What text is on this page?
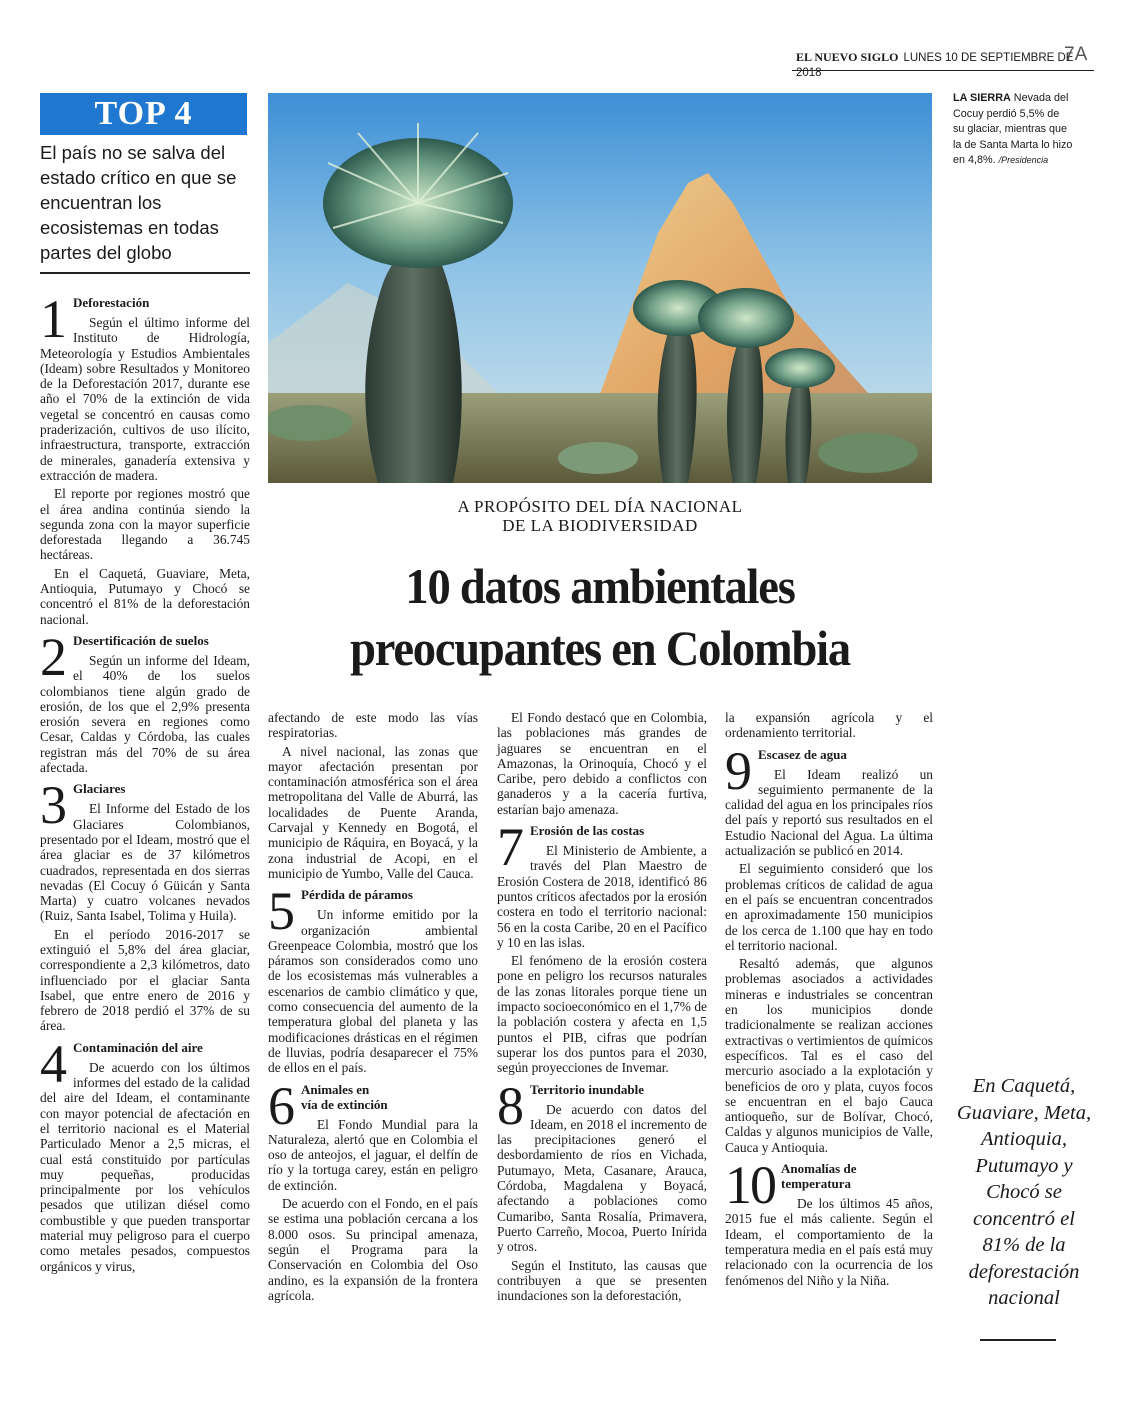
EL NUEVO SIGLO LUNES 10 DE SEPTIEMBRE DE 2018
7A
TOP 4
El país no se salva del estado crítico en que se encuentran los ecosistemas en todas partes del globo
LA SIERRA Nevada del Cocuy perdió 5,5% de su glaciar, mientras que la de Santa Marta lo hizo en 4,8%. /Presidencia
A PROPÓSITO DEL DÍA NACIONAL
DE LA BIODIVERSIDAD
10 datos ambientales
preocupantes en Colombia
1 Deforestación

Según el último informe del Instituto de Hidrología, Meteorología y Estudios Ambientales (Ideam) sobre Resultados y Monitoreo de la Deforestación 2017, durante ese año el 70% de la extinción de vida vegetal se concentró en causas como praderización, cultivos de uso ilícito, infraestructura, transporte, extracción de minerales, ganadería extensiva y extracción de madera.

El reporte por regiones mostró que el área andina continúa siendo la segunda zona con la mayor superficie deforestada llegando a 36.745 hectáreas.

En el Caquetá, Guaviare, Meta, Antioquia, Putumayo y Chocó se concentró el 81% de la deforestación nacional.

2 Desertificación de suelos

Según un informe del Ideam, el 40% de los suelos colombianos tiene algún grado de erosión, de los que el 2,9% presenta erosión severa en regiones como Cesar, Caldas y Córdoba, las cuales registran más del 70% de su área afectada.

3 Glaciares

El Informe del Estado de los Glaciares Colombianos, presentado por el Ideam, mostró que el área glaciar es de 37 kilómetros cuadrados, representada en dos sierras nevadas (El Cocuy ó Güicán y Santa Marta) y cuatro volcanes nevados (Ruiz, Santa Isabel, Tolima y Huila).

En el período 2016-2017 se extinguió el 5,8% del área glaciar, correspondiente a 2,3 kilómetros, dato influenciado por el glaciar Santa Isabel, que entre enero de 2016 y febrero de 2018 perdió el 37% de su área.

4 Contaminación del aire

De acuerdo con los últimos informes del estado de la calidad del aire del Ideam, el contaminante con mayor potencial de afectación en el territorio nacional es el Material Particulado Menor a 2,5 micras, el cual está constituido por partículas muy pequeñas, producidas principalmente por los vehículos pesados que utilizan diésel como combustible y que pueden transportar material muy peligroso para el cuerpo como metales pesados, compuestos orgánicos y virus,

afectando de este modo las vías respiratorias.

A nivel nacional, las zonas que mayor afectación presentan por contaminación atmosférica son el área metropolitana del Valle de Aburrá, las localidades de Puente Aranda, Carvajal y Kennedy en Bogotá, el municipio de Ráquira, en Boyacá, y la zona industrial de Acopi, en el municipio de Yumbo, Valle del Cauca.

5 Pérdida de páramos

Un informe emitido por la organización ambiental Greenpeace Colombia, mostró que los páramos son considerados como uno de los ecosistemas más vulnerables a escenarios de cambio climático y que, como consecuencia del aumento de la temperatura global del planeta y las modificaciones drásticas en el régimen de lluvias, podría desaparecer el 75% de ellos en el país.

6 Animales en
vía de extinción

El Fondo Mundial para la Naturaleza, alertó que en Colombia el oso de anteojos, el jaguar, el delfín de río y la tortuga carey, están en peligro de extinción.

De acuerdo con el Fondo, en el país se estima una población cercana a los 8.000 osos. Su principal amenaza, según el Programa para la Conservación en Colombia del Oso andino, es la expansión de la frontera agrícola.

El Fondo destacó que en Colombia, las poblaciones más grandes de jaguares se encuentran en el Amazonas, la Orinoquía, Chocó y el Caribe, pero debido a conflictos con ganaderos y a la cacería furtiva, estarían bajo amenaza.

7 Erosión de las costas

El Ministerio de Ambiente, a través del Plan Maestro de Erosión Costera de 2018, identificó 86 puntos críticos afectados por la erosión costera en todo el territorio nacional: 56 en la costa Caribe, 20 en el Pacífico y 10 en las islas.

El fenómeno de la erosión costera pone en peligro los recursos naturales de las zonas litorales porque tiene un impacto socioeconómico en el 1,7% de la población costera y afecta en 1,5 puntos el PIB, cifras que podrían superar los dos puntos para el 2030, según proyecciones de Invemar.

8 Territorio inundable

De acuerdo con datos del Ideam, en 2018 el incremento de las precipitaciones generó el desbordamiento de ríos en Vichada, Putumayo, Meta, Casanare, Arauca, Córdoba, Magdalena y Boyacá, afectando a poblaciones como Cumaribo, Santa Rosalía, Primavera, Puerto Carreño, Mocoa, Puerto Inírida y otros.

Según el Instituto, las causas que contribuyen a que se presenten inundaciones son la deforestación,

la expansión agrícola y el ordenamiento territorial.

9 Escasez de agua

El Ideam realizó un seguimiento permanente de la calidad del agua en los principales ríos del país y reportó sus resultados en el Estudio Nacional del Agua. La última actualización se publicó en 2014.

El seguimiento consideró que los problemas críticos de calidad de agua en el país se encuentran concentrados en aproximadamente 150 municipios de los cerca de 1.100 que hay en todo el territorio nacional.

Resaltó además, que algunos problemas asociados a actividades mineras e industriales se concentran en los municipios donde tradicionalmente se realizan acciones extractivas o vertimientos de químicos específicos. Tal es el caso del mercurio asociado a la explotación y beneficios de oro y plata, cuyos focos se encuentran en el bajo Cauca antioqueño, sur de Bolívar, Chocó, Caldas y algunos municipios de Valle, Cauca y Antioquia.

10 Anomalías de
temperatura

De los últimos 45 años, 2015 fue el más caliente. Según el Ideam, el comportamiento de la temperatura media en el país está muy relacionado con la ocurrencia de los fenómenos del Niño y la Niña.

En Caquetá, Guaviare, Meta, Antioquia, Putumayo y Chocó se concentró el 81% de la deforestación nacional
